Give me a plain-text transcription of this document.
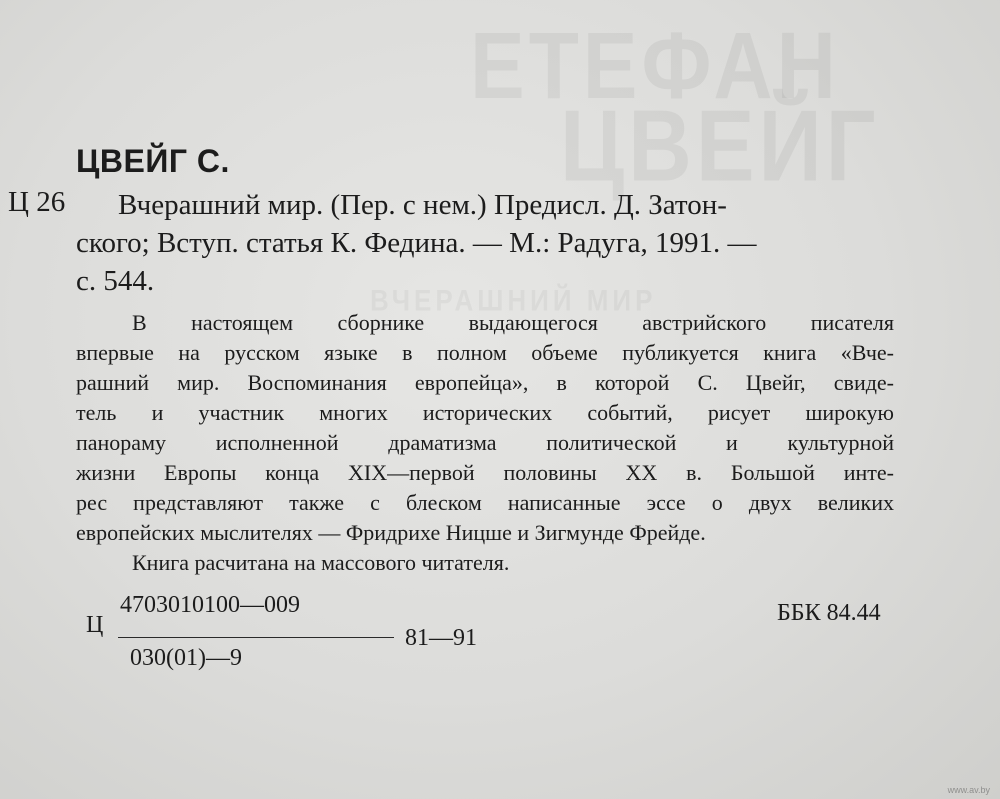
ЕТЕФАН
ЦВЕЙГ
ВЧЕРАШНИЙ МИР
ЦВЕЙГ С.
Ц 26	Вчерашний мир. (Пер. с нем.) Предисл. Д. Затон-
ского; Вступ. статья К. Федина. — М.: Радуга, 1991. —
с. 544.
В настоящем сборнике выдающегося австрийского писателя
впервые на русском языке в полном объеме публикуется книга «Вче-
рашний мир. Воспоминания европейца», в которой С. Цвейг, свиде-
тель и участник многих исторических событий, рисует широкую
панораму исполненной драматизма политической и культурной
жизни Европы конца XIX—первой половины XX в. Большой инте-
рес представляют также с блеском написанные эссе о двух великих
европейских мыслителях — Фридрихе Ницше и Зигмунде Фрейде.
Книга расчитана на массового читателя.
Ц
4703010100—009
030(01)—9
81—91
ББК 84.44
www.av.by
